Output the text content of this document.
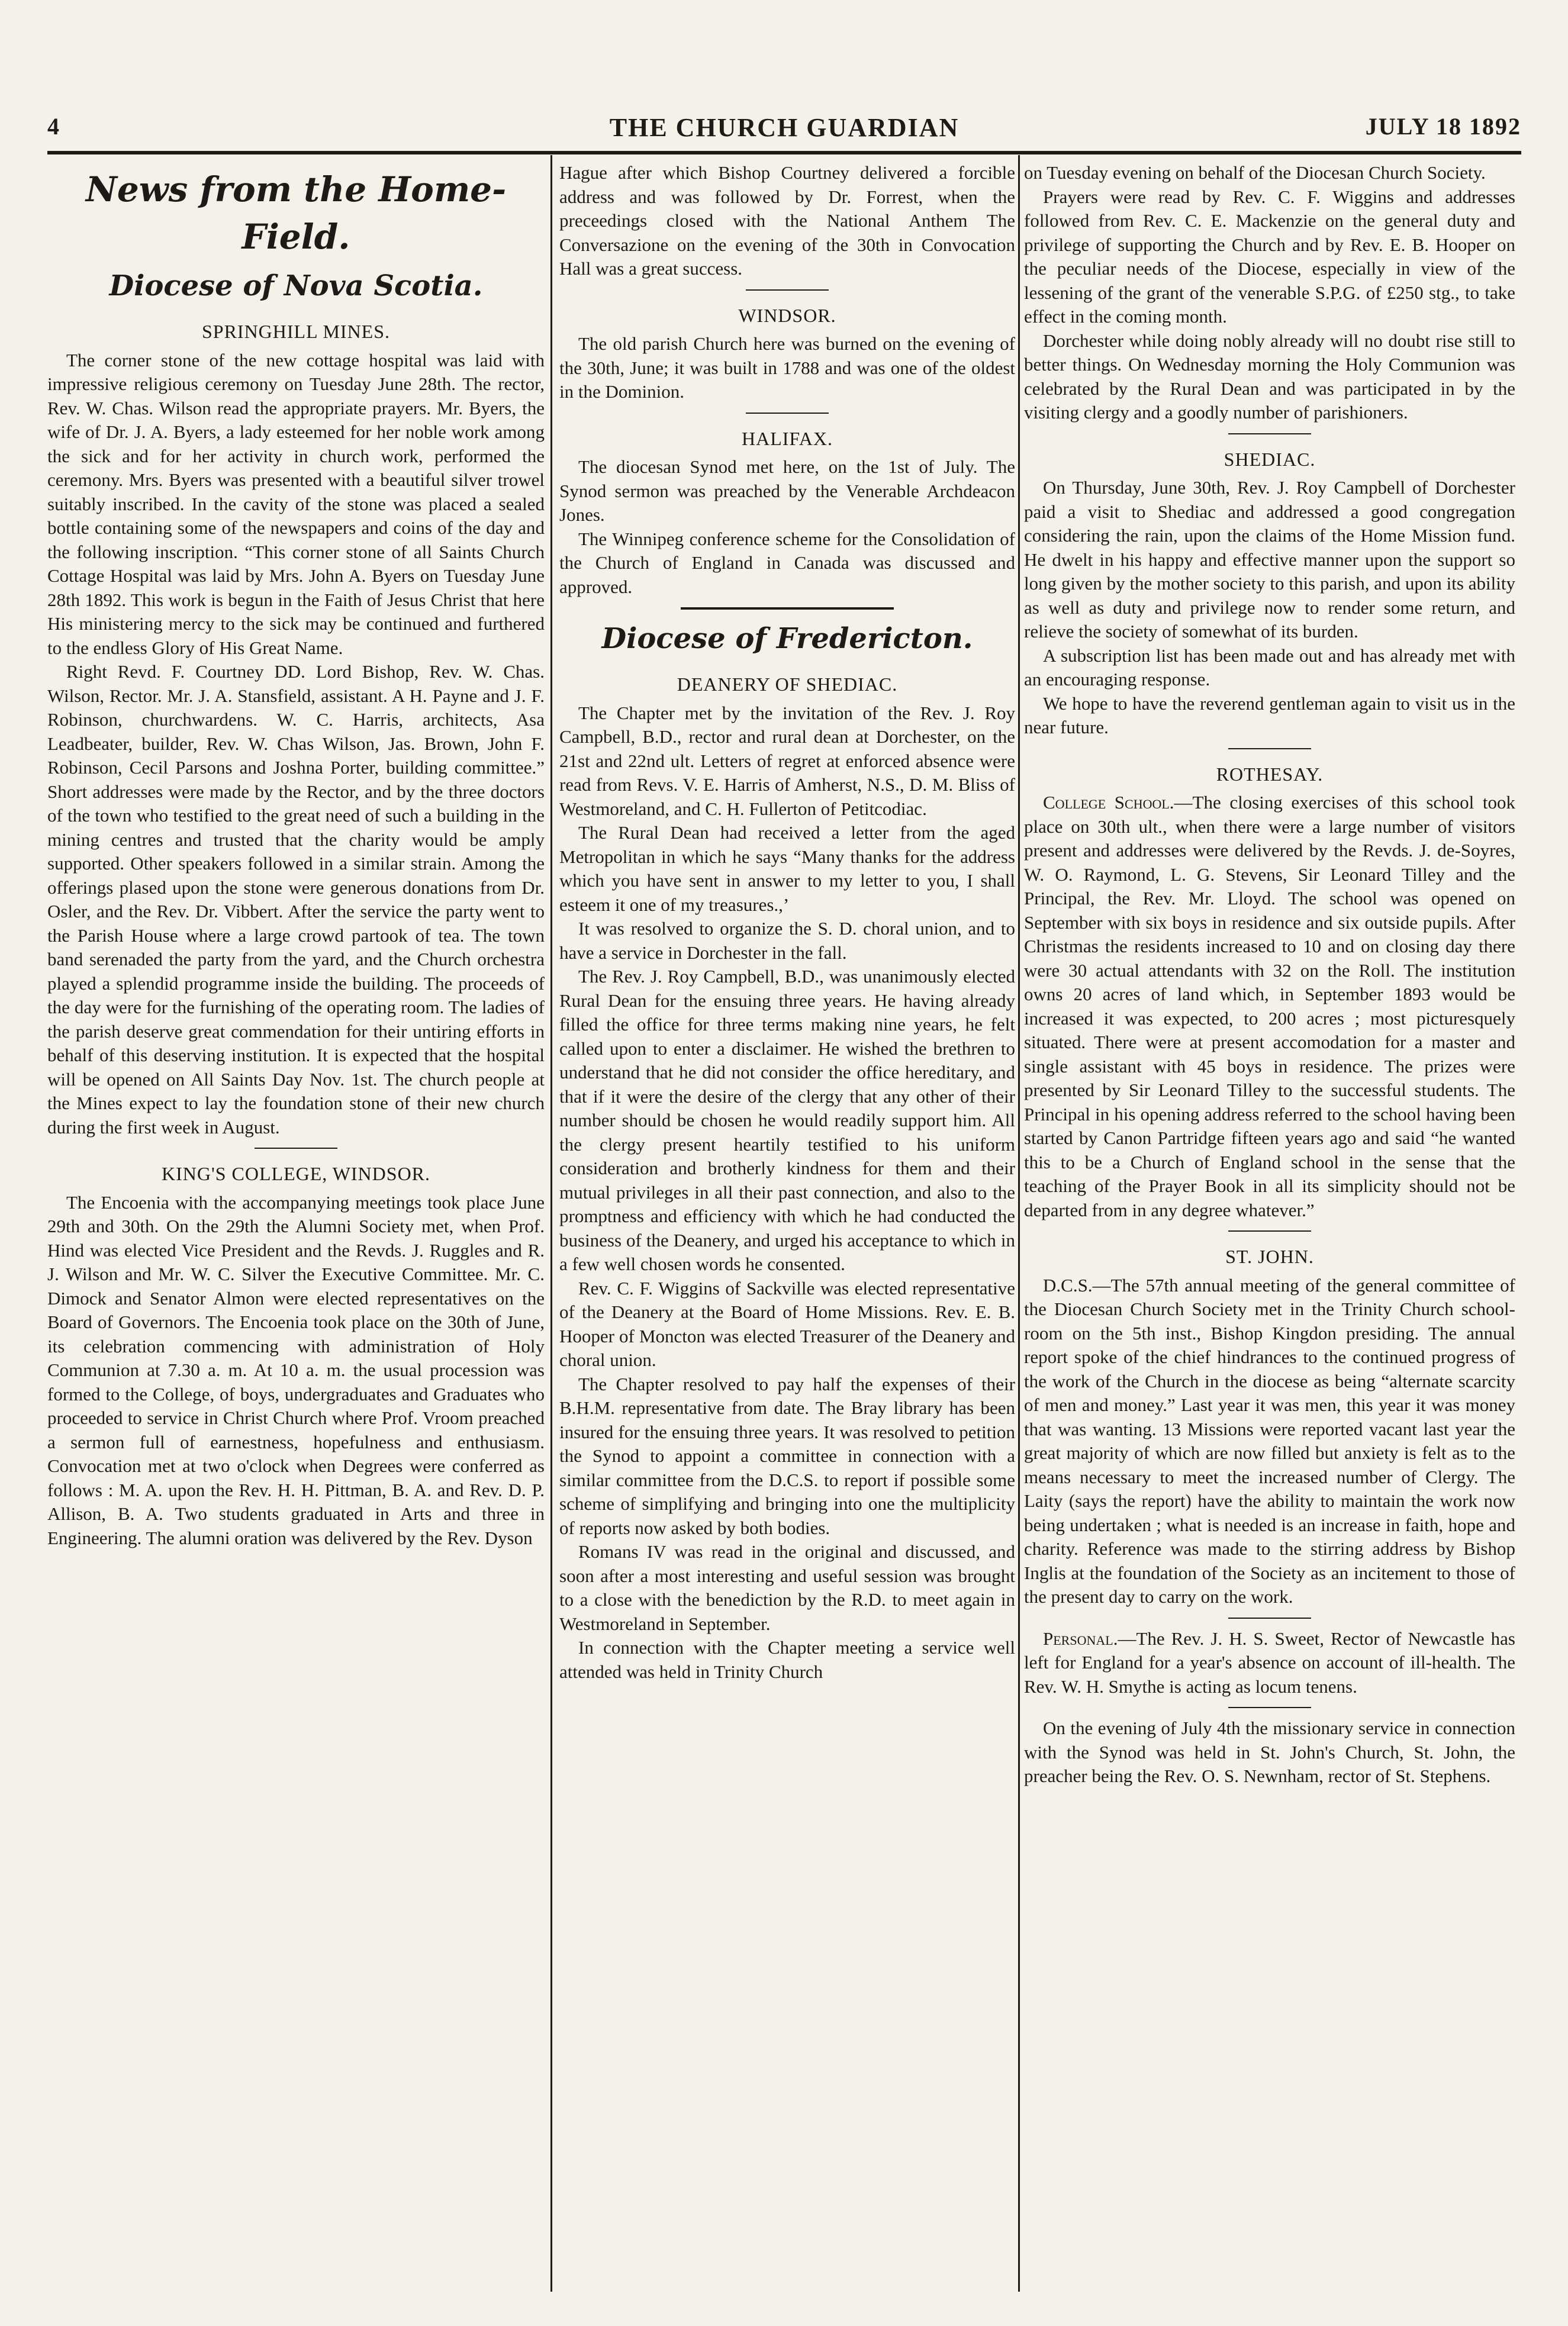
4	THE CHURCH GUARDIAN	JULY 18 1892
News from the Home-Field.
Diocese of Nova Scotia.
SPRINGHILL MINES.

The corner stone of the new cottage hospital was laid with impressive religious ceremony on Tuesday June 28th. The rector, Rev. W. Chas. Wilson read the appropriate prayers. Mr. Byers, the wife of Dr. J. A. Byers, a lady esteemed for her noble work among the sick and for her activity in church work, performed the ceremony. Mrs. Byers was presented with a beautiful silver trowel suitably inscribed. In the cavity of the stone was placed a sealed bottle containing some of the newspapers and coins of the day and the following inscription. “This corner stone of all Saints Church Cottage Hospital was laid by Mrs. John A. Byers on Tuesday June 28th 1892. This work is begun in the Faith of Jesus Christ that here His ministering mercy to the sick may be continued and furthered to the endless Glory of His Great Name.

Right Revd. F. Courtney DD. Lord Bishop, Rev. W. Chas. Wilson, Rector. Mr. J. A. Stansfield, assistant. A H. Payne and J. F. Robinson, churchwardens. W. C. Harris, architects, Asa Leadbeater, builder, Rev. W. Chas Wilson, Jas. Brown, John F. Robinson, Cecil Parsons and Joshna Porter, building committee.” Short addresses were made by the Rector, and by the three doctors of the town who testified to the great need of such a building in the mining centres and trusted that the charity would be amply supported. Other speakers followed in a similar strain. Among the offerings plased upon the stone were generous donations from Dr. Osler, and the Rev. Dr. Vibbert. After the service the party went to the Parish House where a large crowd partook of tea. The town band serenaded the party from the yard, and the Church orchestra played a splendid programme inside the building. The proceeds of the day were for the furnishing of the operating room. The ladies of the parish deserve great commendation for their untiring efforts in behalf of this deserving institution. It is expected that the hospital will be opened on All Saints Day Nov. 1st. The church people at the Mines expect to lay the foundation stone of their new church during the first week in August.

KING'S COLLEGE, WINDSOR.

The Encoenia with the accompanying meetings took place June 29th and 30th. On the 29th the Alumni Society met, when Prof. Hind was elected Vice President and the Revds. J. Ruggles and R. J. Wilson and Mr. W. C. Silver the Executive Committee. Mr. C. Dimock and Senator Almon were elected representatives on the Board of Governors. The Encoenia took place on the 30th of June, its celebration commencing with administration of Holy Communion at 7.30 a. m. At 10 a. m. the usual procession was formed to the College, of boys, undergraduates and Graduates who proceeded to service in Christ Church where Prof. Vroom preached a sermon full of earnestness, hopefulness and enthusiasm. Convocation met at two o'clock when Degrees were conferred as follows : M. A. upon the Rev. H. H. Pittman, B. A. and Rev. D. P. Allison, B. A. Two students graduated in Arts and three in Engineering. The alumni oration was delivered by the Rev. Dyson

Hague after which Bishop Courtney delivered a forcible address and was followed by Dr. Forrest, when the preceedings closed with the National Anthem The Conversazione on the evening of the 30th in Convocation Hall was a great success.

WINDSOR.

The old parish Church here was burned on the evening of the 30th, June; it was built in 1788 and was one of the oldest in the Dominion.

HALIFAX.

The diocesan Synod met here, on the 1st of July. The Synod sermon was preached by the Venerable Archdeacon Jones.

The Winnipeg conference scheme for the Consolidation of the Church of England in Canada was discussed and approved.

Diocese of Fredericton.
DEANERY OF SHEDIAC.

The Chapter met by the invitation of the Rev. J. Roy Campbell, B.D., rector and rural dean at Dorchester, on the 21st and 22nd ult. Letters of regret at enforced absence were read from Revs. V. E. Harris of Amherst, N.S., D. M. Bliss of Westmoreland, and C. H. Fullerton of Petitcodiac.

The Rural Dean had received a letter from the aged Metropolitan in which he says “Many thanks for the address which you have sent in answer to my letter to you, I shall esteem it one of my treasures.,’

It was resolved to organize the S. D. choral union, and to have a service in Dorchester in the fall.

The Rev. J. Roy Campbell, B.D., was unanimously elected Rural Dean for the ensuing three years. He having already filled the office for three terms making nine years, he felt called upon to enter a disclaimer. He wished the brethren to understand that he did not consider the office hereditary, and that if it were the desire of the clergy that any other of their number should be chosen he would readily support him. All the clergy present heartily testified to his uniform consideration and brotherly kindness for them and their mutual privileges in all their past connection, and also to the promptness and efficiency with which he had conducted the business of the Deanery, and urged his acceptance to which in a few well chosen words he consented.

Rev. C. F. Wiggins of Sackville was elected representative of the Deanery at the Board of Home Missions. Rev. E. B. Hooper of Moncton was elected Treasurer of the Deanery and choral union.

The Chapter resolved to pay half the expenses of their B.H.M. representative from date. The Bray library has been insured for the ensuing three years. It was resolved to petition the Synod to appoint a committee in connection with a similar committee from the D.C.S. to report if possible some scheme of simplifying and bringing into one the multiplicity of reports now asked by both bodies.

Romans IV was read in the original and discussed, and soon after a most interesting and useful session was brought to a close with the benediction by the R.D. to meet again in Westmoreland in September.

In connection with the Chapter meeting a service well attended was held in Trinity Church

on Tuesday evening on behalf of the Diocesan Church Society.

Prayers were read by Rev. C. F. Wiggins and addresses followed from Rev. C. E. Mackenzie on the general duty and privilege of supporting the Church and by Rev. E. B. Hooper on the peculiar needs of the Diocese, especially in view of the lessening of the grant of the venerable S.P.G. of £250 stg., to take effect in the coming month.

Dorchester while doing nobly already will no doubt rise still to better things. On Wednesday morning the Holy Communion was celebrated by the Rural Dean and was participated in by the visiting clergy and a goodly number of parishioners.

SHEDIAC.

On Thursday, June 30th, Rev. J. Roy Campbell of Dorchester paid a visit to Shediac and addressed a good congregation considering the rain, upon the claims of the Home Mission fund. He dwelt in his happy and effective manner upon the support so long given by the mother society to this parish, and upon its ability as well as duty and privilege now to render some return, and relieve the society of somewhat of its burden.

A subscription list has been made out and has already met with an encouraging response.

We hope to have the reverend gentleman again to visit us in the near future.

ROTHESAY.

College School.—The closing exercises of this school took place on 30th ult., when there were a large number of visitors present and addresses were delivered by the Revds. J. de-Soyres, W. O. Raymond, L. G. Stevens, Sir Leonard Tilley and the Principal, the Rev. Mr. Lloyd. The school was opened on September with six boys in residence and six outside pupils. After Christmas the residents increased to 10 and on closing day there were 30 actual attendants with 32 on the Roll. The institution owns 20 acres of land which, in September 1893 would be increased it was expected, to 200 acres ; most picturesquely situated. There were at present accomodation for a master and single assistant with 45 boys in residence. The prizes were presented by Sir Leonard Tilley to the successful students. The Principal in his opening address referred to the school having been started by Canon Partridge fifteen years ago and said “he wanted this to be a Church of England school in the sense that the teaching of the Prayer Book in all its simplicity should not be departed from in any degree whatever.”

ST. JOHN.

D.C.S.—The 57th annual meeting of the general committee of the Diocesan Church Society met in the Trinity Church school-room on the 5th inst., Bishop Kingdon presiding. The annual report spoke of the chief hindrances to the continued progress of the work of the Church in the diocese as being “alternate scarcity of men and money.” Last year it was men, this year it was money that was wanting. 13 Missions were reported vacant last year the great majority of which are now filled but anxiety is felt as to the means necessary to meet the increased number of Clergy. The Laity (says the report) have the ability to maintain the work now being undertaken ; what is needed is an increase in faith, hope and charity. Reference was made to the stirring address by Bishop Inglis at the foundation of the Society as an incitement to those of the present day to carry on the work.

Personal.—The Rev. J. H. S. Sweet, Rector of Newcastle has left for England for a year's absence on account of ill-health. The Rev. W. H. Smythe is acting as locum tenens.

On the evening of July 4th the missionary service in connection with the Synod was held in St. John's Church, St. John, the preacher being the Rev. O. S. Newnham, rector of St. Stephens.
